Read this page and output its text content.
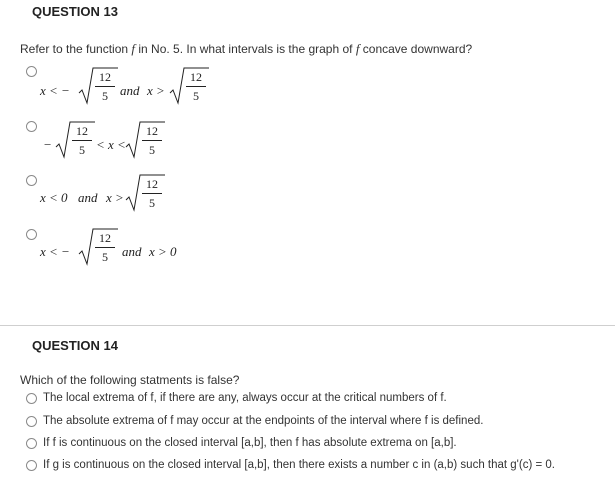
QUESTION 13
Refer to the function f in No. 5. In what intervals is the graph of f concave downward?
x < −
12
5 and x >
12
5
−
12
5 < x <
12
5
x < 0 and x >
12
5
x < −
12
5	and x > 0
QUESTION 14
Which of the following statments is false?
The local extrema of f, if there are any, always occur at the critical numbers of f.
The absolute extrema of f may occur at the endpoints of the interval where f is defined.
If f is continuous on the closed interval [a,b], then f has absolute extrema on [a,b].
If g is continuous on the closed interval [a,b], then there exists a number c in (a,b) such that g'(c) = 0.
